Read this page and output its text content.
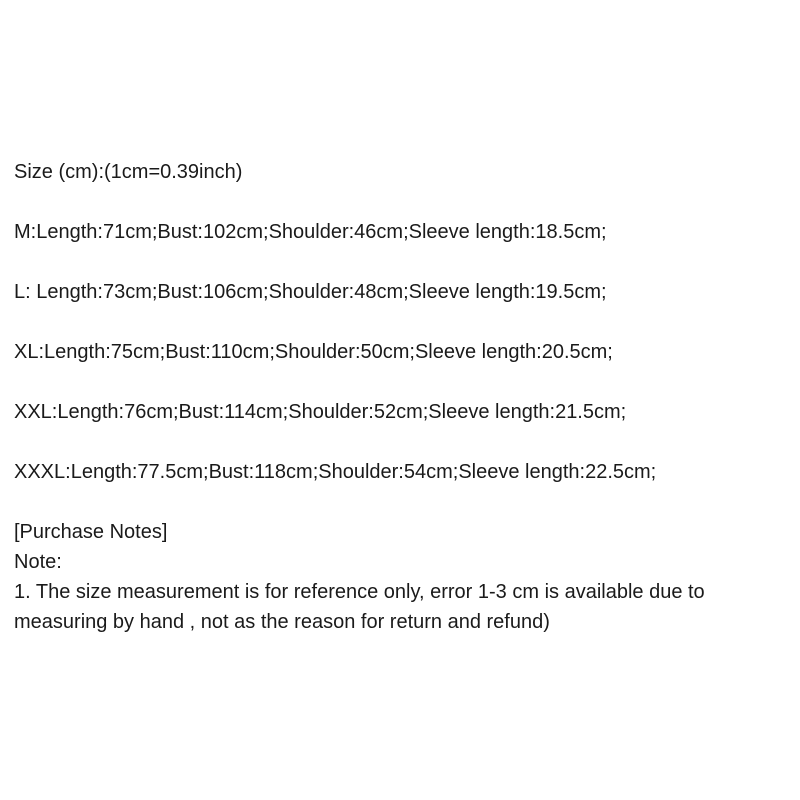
Size (cm):(1cm=0.39inch)
M:Length:71cm;Bust:102cm;Shoulder:46cm;Sleeve length:18.5cm;
L: Length:73cm;Bust:106cm;Shoulder:48cm;Sleeve length:19.5cm;
XL:Length:75cm;Bust:110cm;Shoulder:50cm;Sleeve length:20.5cm;
XXL:Length:76cm;Bust:114cm;Shoulder:52cm;Sleeve length:21.5cm;
XXXL:Length:77.5cm;Bust:118cm;Shoulder:54cm;Sleeve length:22.5cm;
[Purchase Notes]
Note:
1. The size measurement is for reference only, error 1-3 cm is available due to measuring by hand , not as the reason for return and refund)
